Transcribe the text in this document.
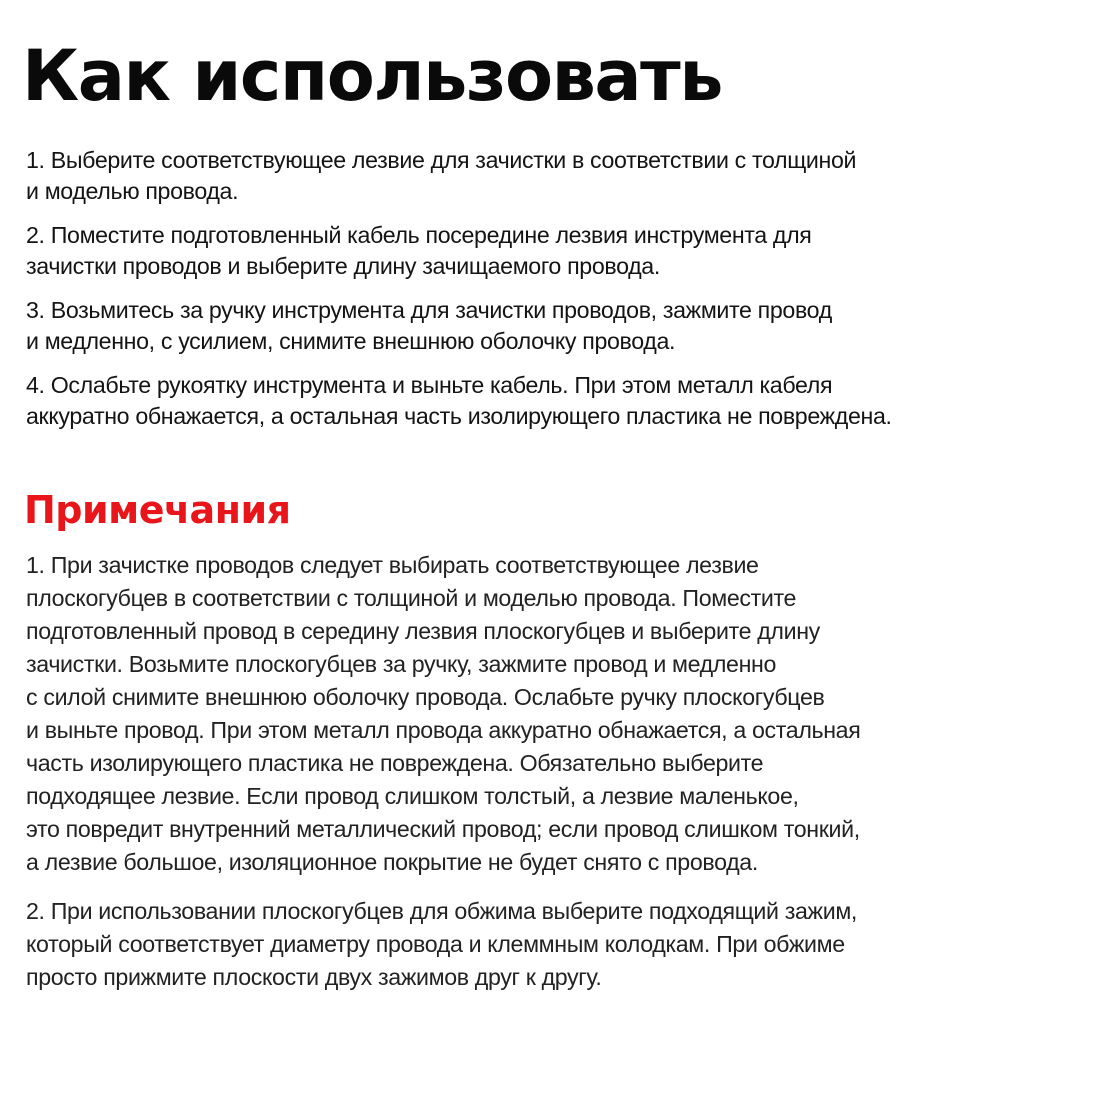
Как использовать

1. Выберите соответствующее лезвие для зачистки в соответствии с толщиной
и моделью провода.

2. Поместите подготовленный кабель посередине лезвия инструмента для
зачистки проводов и выберите длину зачищаемого провода.

3. Возьмитесь за ручку инструмента для зачистки проводов, зажмите провод
и медленно, с усилием, снимите внешнюю оболочку провода.

4. Ослабьте рукоятку инструмента и выньте кабель. При этом металл кабеля
аккуратно обнажается, а остальная часть изолирующего пластика не повреждена.

Примечания

1. При зачистке проводов следует выбирать соответствующее лезвие
плоскогубцев в соответствии с толщиной и моделью провода. Поместите
подготовленный провод в середину лезвия плоскогубцев и выберите длину
зачистки. Возьмите плоскогубцев за ручку, зажмите провод и медленно
с силой снимите внешнюю оболочку провода. Ослабьте ручку плоскогубцев
и выньте провод. При этом металл провода аккуратно обнажается, а остальная
часть изолирующего пластика не повреждена. Обязательно выберите
подходящее лезвие. Если провод слишком толстый, а лезвие маленькое,
это повредит внутренний металлический провод; если провод слишком тонкий,
а лезвие большое, изоляционное покрытие не будет снято с провода.

2. При использовании плоскогубцев для обжима выберите подходящий зажим,
который соответствует диаметру провода и клеммным колодкам. При обжиме
просто прижмите плоскости двух зажимов друг к другу.
